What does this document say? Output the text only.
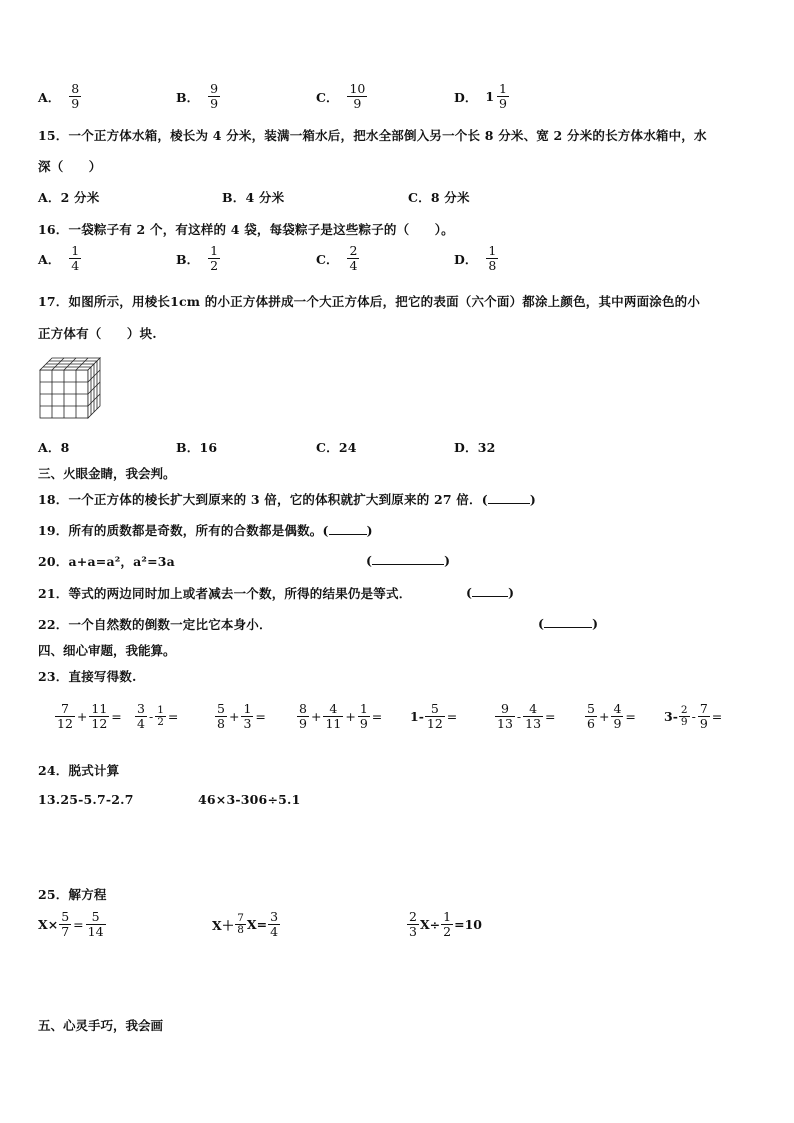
A． $\frac{8}{9}$	B． $\frac{9}{9}$	C． $\frac{10}{9}$	D． $1 \frac{1}{9}$
15．一个正方体水箱，棱长为 4 分米，装满一箱水后，把水全部倒入另一个长 8 分米、宽 2 分米的长方体水箱中，水
深（　　）
A．2 分米	B．4 分米	C．8 分米
16．一袋粽子有 2 个，有这样的 4 袋，每袋粽子是这些粽子的（　　）。
A． $\frac{1}{4}$	B． $\frac{1}{2}$	C． $\frac{2}{4}$	D． $\frac{1}{8}$
17．如图所示，用棱长1cm 的小正方体拼成一个大正方体后，把它的表面（六个面）都涂上颜色，其中两面涂色的小
正方体有（　　）块.
A．8	B．16	C．24	D．32
三、火眼金睛，我会判。
18．一个正方体的棱长扩大到原来的 3 倍，它的体积就扩大到原来的 27 倍．(	)
19．所有的质数都是奇数，所有的合数都是偶数。(	)
20．a+a=a²，a²=3a	(	)
21．等式的两边同时加上或者减去一个数，所得的结果仍是等式．	(	)
22．一个自然数的倒数一定比它本身小．	(	)
四、细心审题，我能算。
23．直接写得数.
$\frac{7}{12} + \frac{11}{12} = \frac{3}{4} - \frac{1}{2}$ =	$\frac{5}{8} + \frac{1}{3} = \frac{8}{9} + \frac{4}{11} + \frac{1}{9} = 1- \frac{5}{12}$ =	$\frac{9}{13} - \frac{4}{13} = \frac{5}{6} + \frac{4}{9} = 3- \frac{2}{9} - \frac{7}{9}$ =
24．脱式计算
13.25-5.7-2.7	46×3-306÷5.1
25．解方程
$X\times \frac{5}{7} = \frac{5}{14}$	$X+ \frac{7}{8} X= \frac{3}{4}$	$\frac{2}{3} X\div \frac{1}{2} =10$
五、心灵手巧，我会画
